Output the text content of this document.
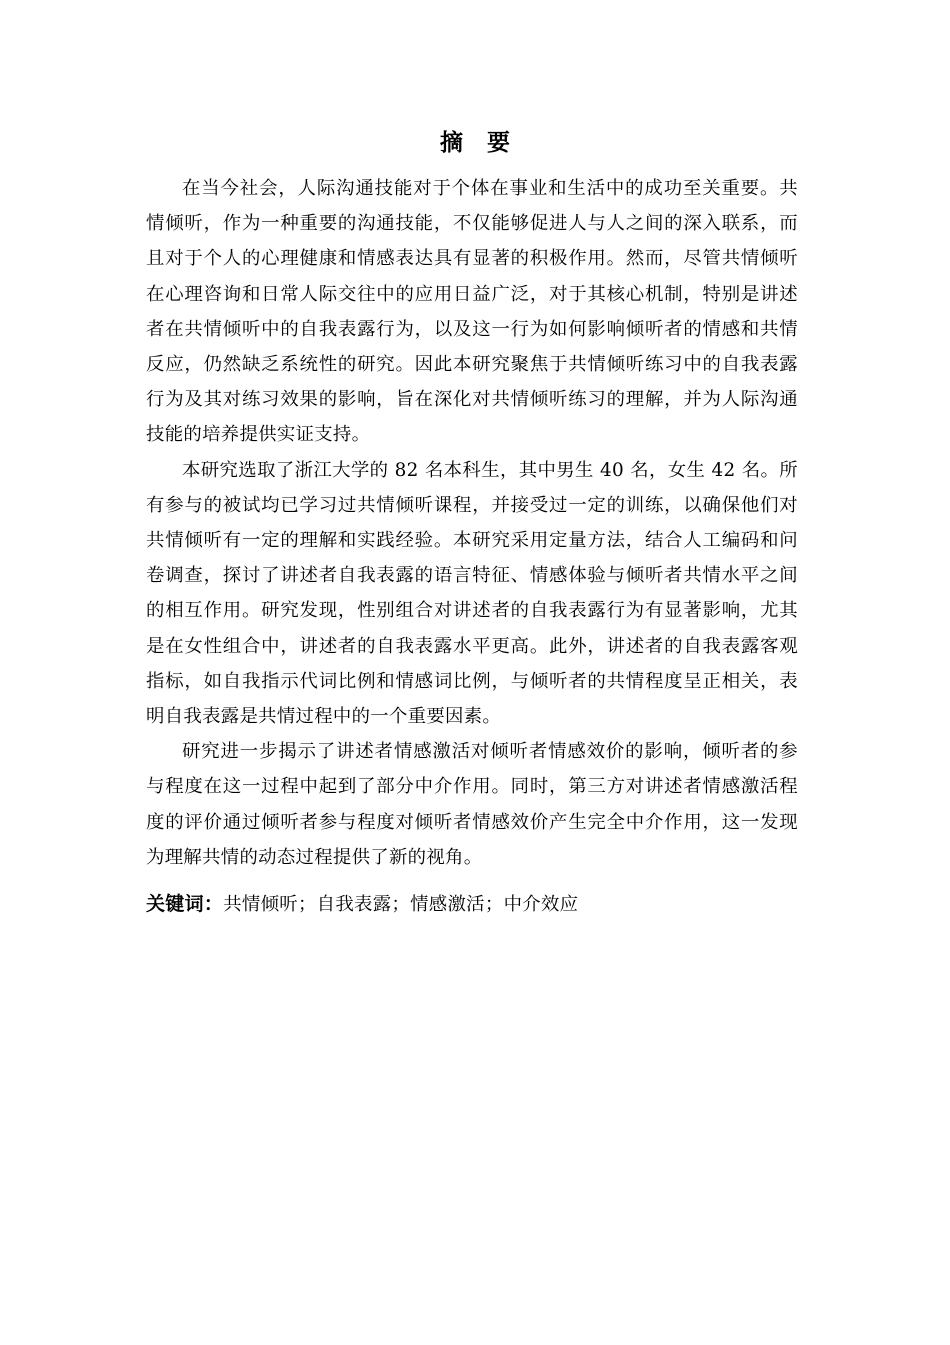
摘要

在当今社会，人际沟通技能对于个体在事业和生活中的成功至关重要。共情倾听，作为一种重要的沟通技能，不仅能够促进人与人之间的深入联系，而且对于个人的心理健康和情感表达具有显著的积极作用。然而，尽管共情倾听在心理咨询和日常人际交往中的应用日益广泛，对于其核心机制，特别是讲述者在共情倾听中的自我表露行为，以及这一行为如何影响倾听者的情感和共情反应，仍然缺乏系统性的研究。因此本研究聚焦于共情倾听练习中的自我表露行为及其对练习效果的影响，旨在深化对共情倾听练习的理解，并为人际沟通技能的培养提供实证支持。

本研究选取了浙江大学的 82 名本科生，其中男生 40 名，女生 42 名。所有参与的被试均已学习过共情倾听课程，并接受过一定的训练，以确保他们对共情倾听有一定的理解和实践经验。本研究采用定量方法，结合人工编码和问卷调查，探讨了讲述者自我表露的语言特征、情感体验与倾听者共情水平之间的相互作用。研究发现，性别组合对讲述者的自我表露行为有显著影响，尤其是在女性组合中，讲述者的自我表露水平更高。此外，讲述者的自我表露客观指标，如自我指示代词比例和情感词比例，与倾听者的共情程度呈正相关，表明自我表露是共情过程中的一个重要因素。

研究进一步揭示了讲述者情感激活对倾听者情感效价的影响，倾听者的参与程度在这一过程中起到了部分中介作用。同时，第三方对讲述者情感激活程度的评价通过倾听者参与程度对倾听者情感效价产生完全中介作用，这一发现为理解共情的动态过程提供了新的视角。

关键词：共情倾听；自我表露；情感激活；中介效应
